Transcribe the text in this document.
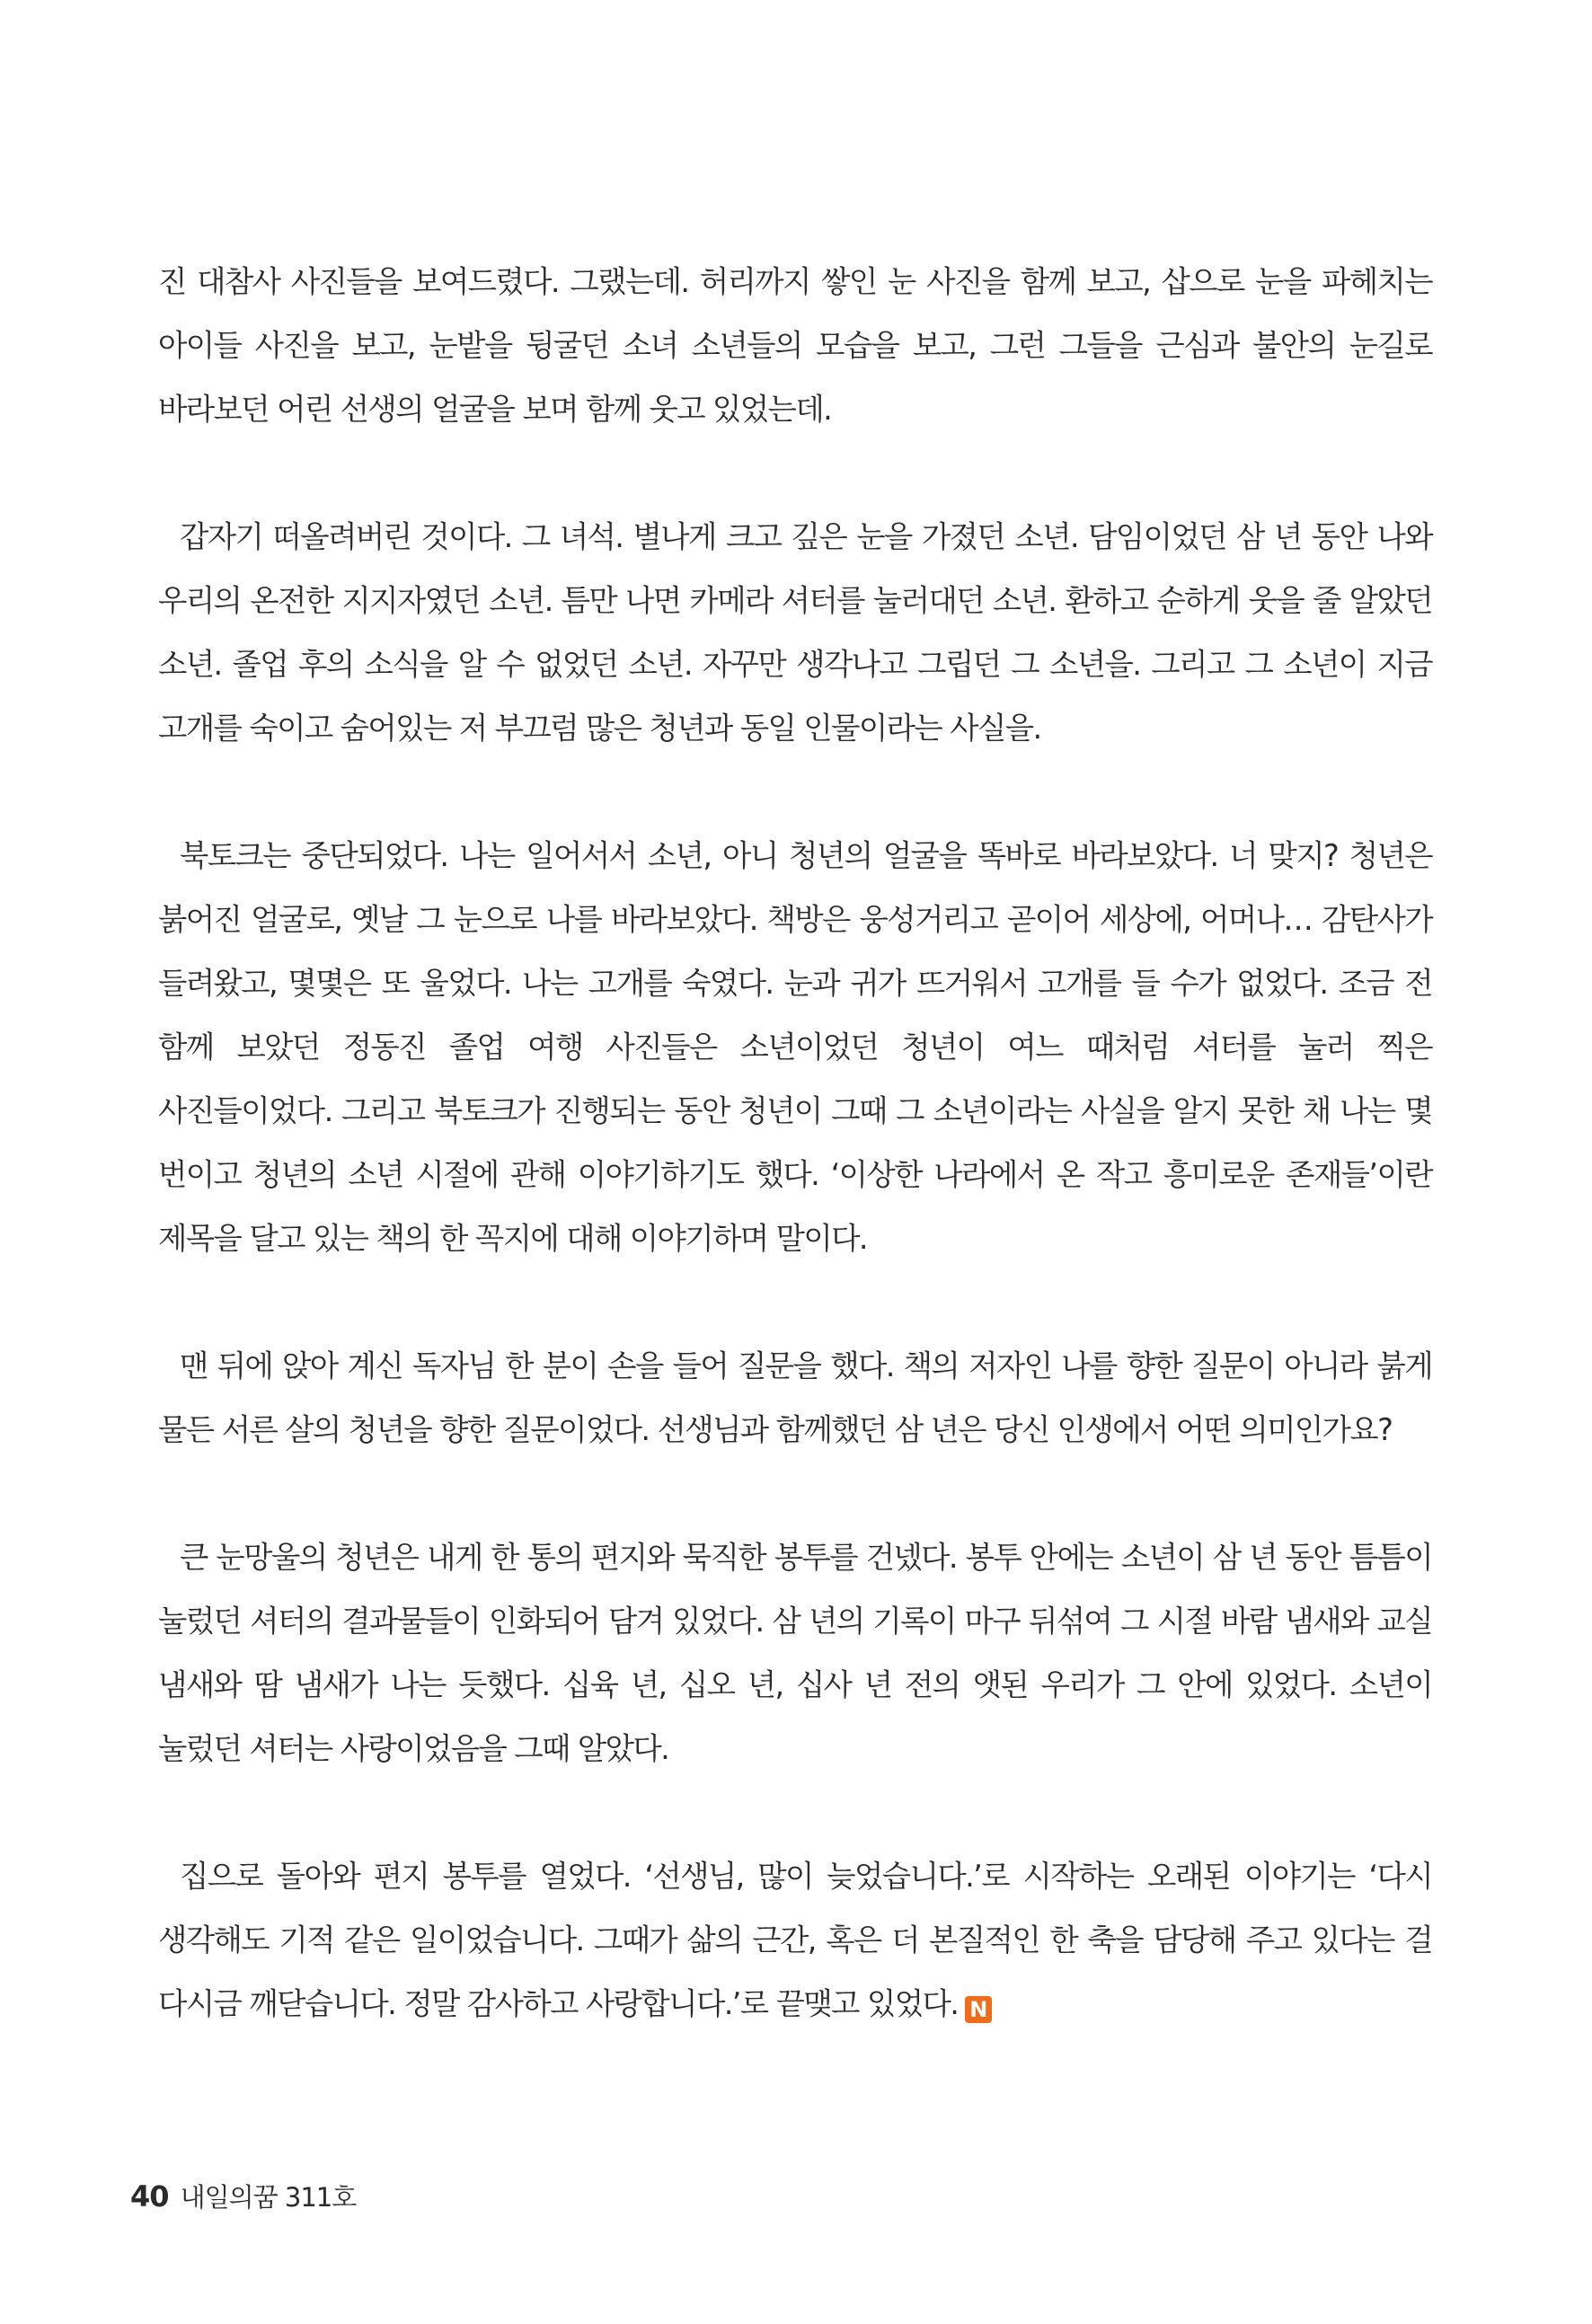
진 대참사 사진들을 보여드렸다. 그랬는데. 허리까지 쌓인 눈 사진을 함께 보고, 삽으로 눈을 파헤치는 아이들 사진을 보고, 눈밭을 뒹굴던 소녀 소년들의 모습을 보고, 그런 그들을 근심과 불안의 눈길로 바라보던 어린 선생의 얼굴을 보며 함께 웃고 있었는데.

갑자기 떠올려버린 것이다. 그 녀석. 별나게 크고 깊은 눈을 가졌던 소년. 담임이었던 삼 년 동안 나와 우리의 온전한 지지자였던 소년. 틈만 나면 카메라 셔터를 눌러대던 소년. 환하고 순하게 웃을 줄 알았던 소년. 졸업 후의 소식을 알 수 없었던 소년. 자꾸만 생각나고 그립던 그 소년을. 그리고 그 소년이 지금 고개를 숙이고 숨어있는 저 부끄럼 많은 청년과 동일 인물이라는 사실을.

북토크는 중단되었다. 나는 일어서서 소년, 아니 청년의 얼굴을 똑바로 바라보았다. 너 맞지? 청년은 붉어진 얼굴로, 옛날 그 눈으로 나를 바라보았다. 책방은 웅성거리고 곧이어 세상에, 어머나… 감탄사가 들려왔고, 몇몇은 또 울었다. 나는 고개를 숙였다. 눈과 귀가 뜨거워서 고개를 들 수가 없었다. 조금 전 함께 보았던 정동진 졸업 여행 사진들은 소년이었던 청년이 여느 때처럼 셔터를 눌러 찍은 사진들이었다. 그리고 북토크가 진행되는 동안 청년이 그때 그 소년이라는 사실을 알지 못한 채 나는 몇 번이고 청년의 소년 시절에 관해 이야기하기도 했다. ‘이상한 나라에서 온 작고 흥미로운 존재들’이란 제목을 달고 있는 책의 한 꼭지에 대해 이야기하며 말이다.

맨 뒤에 앉아 계신 독자님 한 분이 손을 들어 질문을 했다. 책의 저자인 나를 향한 질문이 아니라 붉게 물든 서른 살의 청년을 향한 질문이었다. 선생님과 함께했던 삼 년은 당신 인생에서 어떤 의미인가요?

큰 눈망울의 청년은 내게 한 통의 편지와 묵직한 봉투를 건넸다. 봉투 안에는 소년이 삼 년 동안 틈틈이 눌렀던 셔터의 결과물들이 인화되어 담겨 있었다. 삼 년의 기록이 마구 뒤섞여 그 시절 바람 냄새와 교실 냄새와 땀 냄새가 나는 듯했다. 십육 년, 십오 년, 십사 년 전의 앳된 우리가 그 안에 있었다. 소년이 눌렀던 셔터는 사랑이었음을 그때 알았다.

집으로 돌아와 편지 봉투를 열었다. ‘선생님, 많이 늦었습니다.’로 시작하는 오래된 이야기는 ‘다시 생각해도 기적 같은 일이었습니다. 그때가 삶의 근간, 혹은 더 본질적인 한 축을 담당해 주고 있다는 걸 다시금 깨닫습니다. 정말 감사하고 사랑합니다.’로 끝맺고 있었다. N

40 내일의꿈 311호
